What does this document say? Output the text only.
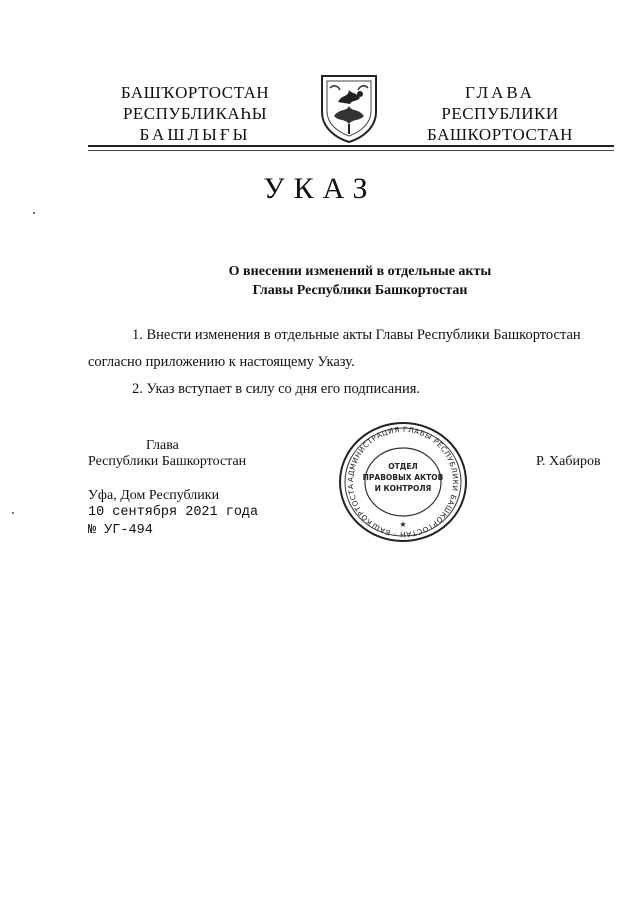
БАШҠОРТОСТАН
РЕСПУБЛИКАҺЫ
БАШЛЫҒЫ
ГЛАВА
РЕСПУБЛИКИ
БАШКОРТОСТАН
УКАЗ
О внесении изменений в отдельные акты
Главы Республики Башкортостан
1. Внести изменения в отдельные акты Главы Республики Башкортостан согласно приложению к настоящему Указу.
2. Указ вступает в силу со дня его подписания.
Глава
Республики Башкортостан	Р. Хабиров
Уфа, Дом Республики
10 сентября 2021 года
№ УГ-494
АДМИНИСТРАЦИЯ ГЛАВЫ РЕСПУБЛИКИ БАШКОРТОСТАН · БАШҠОРТОСТА
ОТДЕЛ
ПРАВОВЫХ АКТОВ
И КОНТРОЛЯ
★
